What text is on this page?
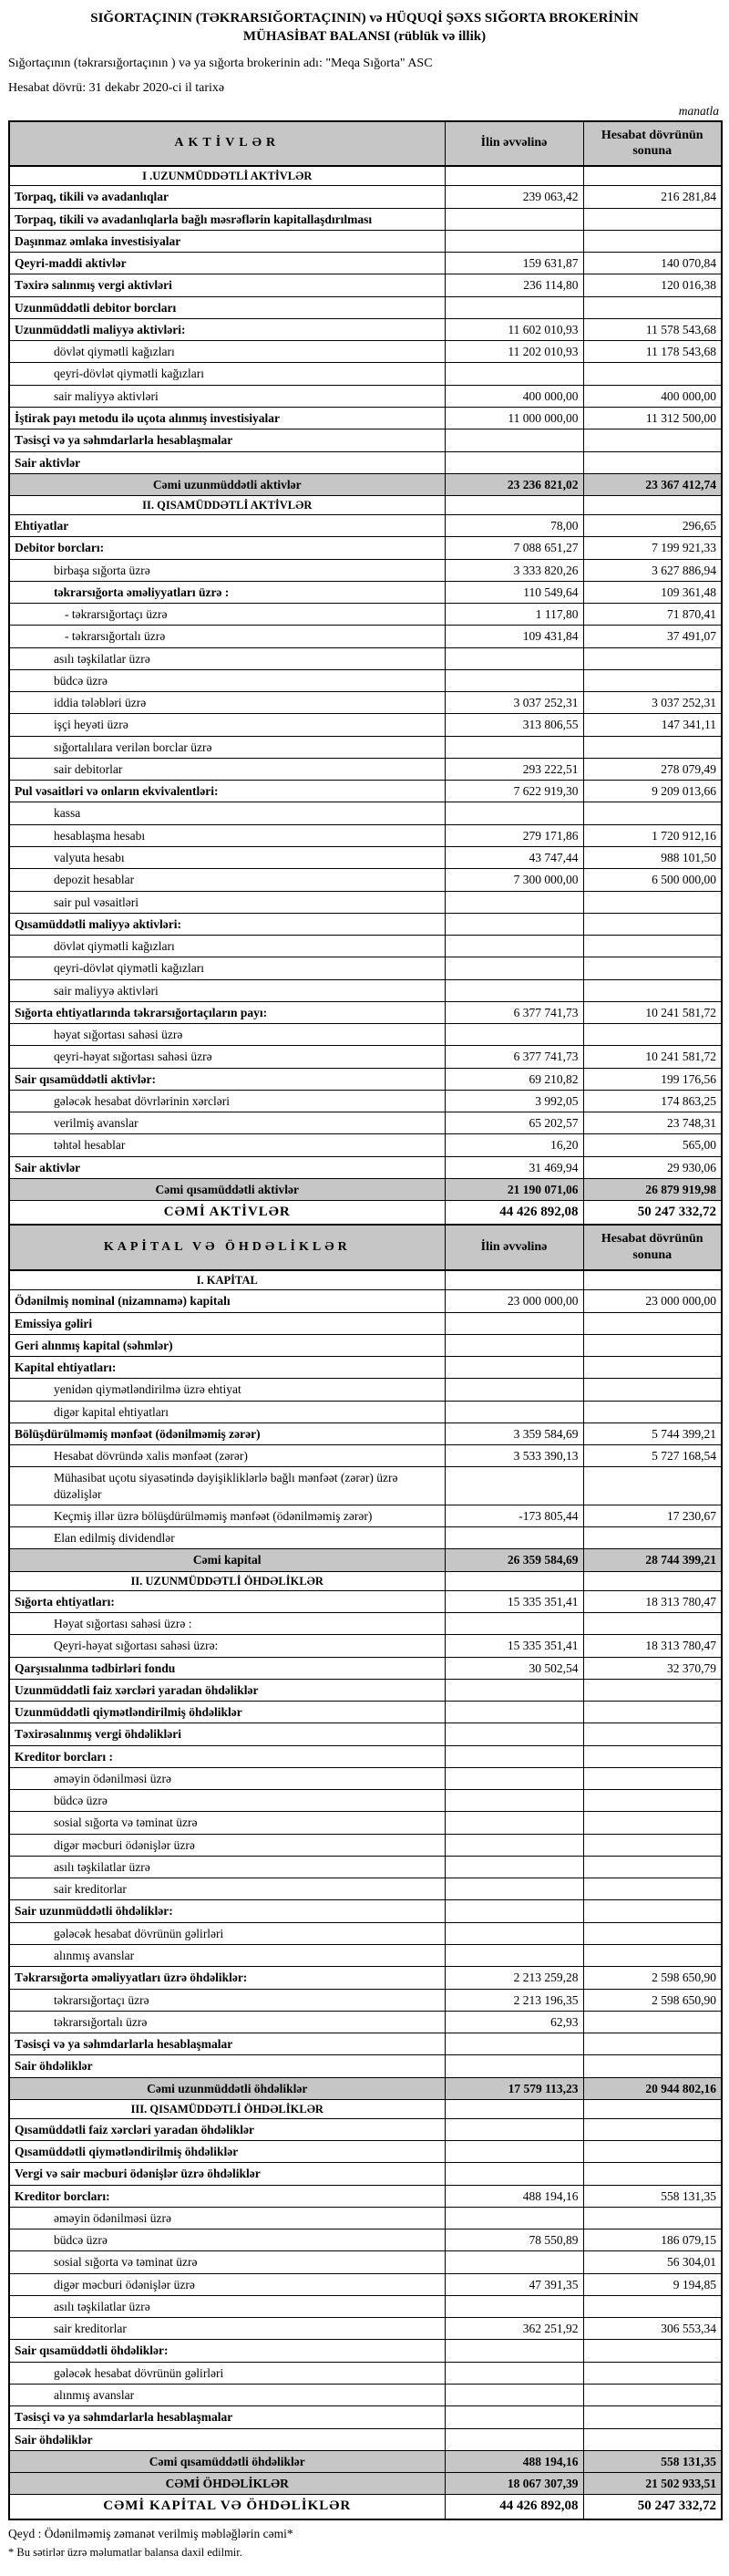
SIĞORTAÇININ (TƏKRARSIĞORTAÇININ) və HÜQUQİ ŞƏXS SIĞORTA BROKERİNİN
MÜHASİBAT BALANSI (rüblük və illik)
Sığortaçının (təkrarsığortaçının ) və ya sığorta brokerinin adı: "Meqa Sığorta" ASC
Hesabat dövrü: 31 dekabr 2020-ci il tarixə
manatla
AKTİVLƏR	İlin əvvəlinə	Hesabat dövrünün sonuna
I .UZUNMÜDDƏTLİ AKTİVLƏR		
Torpaq, tikili və avadanlıqlar	239 063,42	216 281,84
Torpaq, tikili və avadanlıqlarla bağlı məsrəflərin kapitallaşdırılması		
Daşınmaz əmlaka investisiyalar		
Qeyri-maddi aktivlər	159 631,87	140 070,84
Təxirə salınmış vergi aktivləri	236 114,80	120 016,38
Uzunmüddətli debitor borcları		
Uzunmüddətli maliyyə aktivləri:	11 602 010,93	11 578 543,68
dövlət qiymətli kağızları	11 202 010,93	11 178 543,68
qeyri-dövlət qiymətli kağızları		
sair maliyyə aktivləri	400 000,00	400 000,00
İştirak payı metodu ilə uçota alınmış investisiyalar	11 000 000,00	11 312 500,00
Təsisçi və ya səhmdarlarla hesablaşmalar		
Sair aktivlər		
Cəmi uzunmüddətli aktivlər	23 236 821,02	23 367 412,74
II. QISAMÜDDƏTLİ AKTİVLƏR		
Ehtiyatlar	78,00	296,65
Debitor borcları:	7 088 651,27	7 199 921,33
birbaşa sığorta üzrə	3 333 820,26	3 627 886,94
təkrarsığorta əməliyyatları üzrə :	110 549,64	109 361,48
- təkrarsığortaçı üzrə	1 117,80	71 870,41
- təkrarsığortalı üzrə	109 431,84	37 491,07
asılı təşkilatlar üzrə		
büdcə üzrə		
iddia tələbləri üzrə	3 037 252,31	3 037 252,31
işçi heyəti üzrə	313 806,55	147 341,11
sığortalılara verilən borclar üzrə		
sair debitorlar	293 222,51	278 079,49
Pul vəsaitləri və onların ekvivalentləri:	7 622 919,30	9 209 013,66
kassa		
hesablaşma hesabı	279 171,86	1 720 912,16
valyuta hesabı	43 747,44	988 101,50
depozit hesablar	7 300 000,00	6 500 000,00
sair pul vəsaitləri		
Qısamüddətli maliyyə aktivləri:		
dövlət qiymətli kağızları		
qeyri-dövlət qiymətli kağızları		
sair maliyyə aktivləri		
Sığorta ehtiyatlarında təkrarsığortaçıların payı:	6 377 741,73	10 241 581,72
həyat sığortası sahəsi üzrə		
qeyri-həyat sığortası sahəsi üzrə	6 377 741,73	10 241 581,72
Sair qısamüddətli aktivlər:	69 210,82	199 176,56
gələcək hesabat dövrlərinin xərcləri	3 992,05	174 863,25
verilmiş avanslar	65 202,57	23 748,31
təhtəl hesablar	16,20	565,00
Sair aktivlər	31 469,94	29 930,06
Cəmi qısamüddətli aktivlər	21 190 071,06	26 879 919,98
CƏMİ AKTİVLƏR	44 426 892,08	50 247 332,72
KAPİTAL VƏ ÖHDƏLİKLƏR	İlin əvvəlinə	Hesabat dövrünün sonuna
I. KAPİTAL		
Ödənilmiş nominal (nizamnamə) kapitalı	23 000 000,00	23 000 000,00
Emissiya gəliri		
Geri alınmış kapital (səhmlər)		
Kapital ehtiyatları:		
yenidən qiymətləndirilmə üzrə ehtiyat		
digər kapital ehtiyatları		
Bölüşdürülməmiş mənfəət (ödənilməmiş zərər)	3 359 584,69	5 744 399,21
Hesabat dövründə xalis mənfəət (zərər)	3 533 390,13	5 727 168,54
Mühasibat uçotu siyasətində dəyişikliklərlə bağlı mənfəət (zərər) üzrə düzəlişlər		
Keçmiş illər üzrə bölüşdürülməmiş mənfəət (ödənilməmiş zərər)	-173 805,44	17 230,67
Elan edilmiş dividendlər		
Cəmi kapital	26 359 584,69	28 744 399,21
II. UZUNMÜDDƏTLİ ÖHDƏLİKLƏR		
Sığorta ehtiyatları:	15 335 351,41	18 313 780,47
Həyat sığortası sahəsi üzrə :		
Qeyri-həyat sığortası sahəsi üzrə:	15 335 351,41	18 313 780,47
Qarşısıalınma tədbirləri fondu	30 502,54	32 370,79
Uzunmüddətli faiz xərcləri yaradan öhdəliklər		
Uzunmüddətli qiymətləndirilmiş öhdəliklər		
Təxirəsalınmış vergi öhdəlikləri		
Kreditor borcları :		
əməyin ödənilməsi üzrə		
büdcə üzrə		
sosial sığorta və təminat üzrə		
digər məcburi ödənişlər üzrə		
asılı təşkilatlar üzrə		
sair kreditorlar		
Sair uzunmüddətli öhdəliklər:		
gələcək hesabat dövrünün gəlirləri		
alınmış avanslar		
Təkrarsığorta əməliyyatları üzrə öhdəliklər:	2 213 259,28	2 598 650,90
təkrarsığortaçı üzrə	2 213 196,35	2 598 650,90
təkrarsığortalı üzrə	62,93	
Təsisçi və ya səhmdarlarla hesablaşmalar		
Sair öhdəliklər		
Cəmi uzunmüddətli öhdəliklər	17 579 113,23	20 944 802,16
III. QISAMÜDDƏTLİ ÖHDƏLİKLƏR		
Qısamüddətli faiz xərcləri yaradan öhdəliklər		
Qısamüddətli qiymətləndirilmiş öhdəliklər		
Vergi və sair məcburi ödənişlər üzrə öhdəliklər		
Kreditor borcları:	488 194,16	558 131,35
əməyin ödənilməsi üzrə		
büdcə üzrə	78 550,89	186 079,15
sosial sığorta və təminat üzrə		56 304,01
digər məcburi ödənişlər üzrə	47 391,35	9 194,85
asılı təşkilatlar üzrə		
sair kreditorlar	362 251,92	306 553,34
Sair qısamüddətli öhdəliklər:		
gələcək hesabat dövrünün gəlirləri		
alınmış avanslar		
Təsisçi və ya səhmdarlarla hesablaşmalar		
Sair öhdəliklər		
Cəmi qısamüddətli öhdəliklər	488 194,16	558 131,35
CƏMİ ÖHDƏLİKLƏR	18 067 307,39	21 502 933,51
CƏMİ KAPİTAL VƏ ÖHDƏLİKLƏR	44 426 892,08	50 247 332,72
Qeyd : Ödənilməmiş zəmanət verilmiş məbləğlərin cəmi*
* Bu sətirlər üzrə məlumatlar balansa daxil edilmir.
